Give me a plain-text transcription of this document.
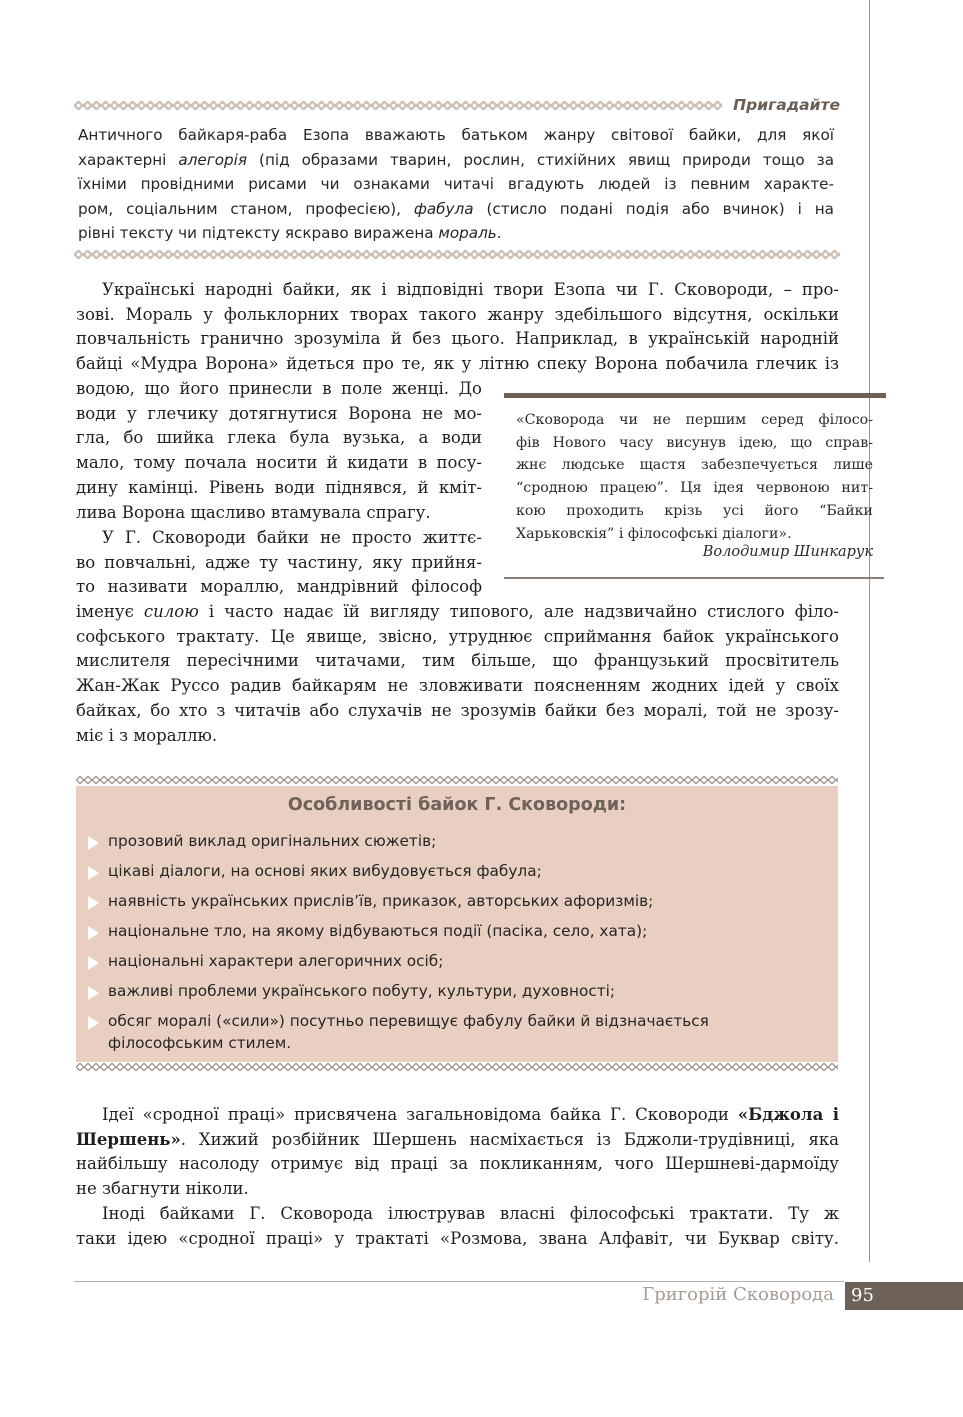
Пригадайте
Античного байкаря-раба Езопа вважають батьком жанру світової байки, для якої
характерні алегорія (під образами тварин, рослин, стихійних явищ природи тощо за
їхніми провідними рисами чи ознаками читачі вгадують людей із певним характе-
ром, соціальним станом, професією), фабула (стисло подані подія або вчинок) і на
рівні тексту чи підтексту яскраво виражена мораль.
Українські народні байки, як і відповідні твори Езопа чи Г. Сковороди, – про-
зові. Мораль у фольклорних творах такого жанру здебільшого відсутня, оскільки
повчальність гранично зрозуміла й без цього. Наприклад, в українській народній
байці «Мудра Ворона» йдеться про те, як у літню спеку Ворона побачила глечик із
водою, що його принесли в поле женці. До
води у глечику дотягнутися Ворона не мо-
гла, бо шийка глека була вузька, а води
мало, тому почала носити й кидати в посу-
дину камінці. Рівень води піднявся, й кміт-
лива Ворона щасливо втамувала спрагу.
У Г. Сковороди байки не просто життє-
во повчальні, адже ту частину, яку прийня-
то називати мораллю, мандрівний філософ
іменує силою і часто надає їй вигляду типового, але надзвичайно стислого філо-
софського трактату. Це явище, звісно, утруднює сприймання байок українського
мислителя пересічними читачами, тим більше, що французький просвітитель
Жан-Жак Руссо радив байкарям не зловживати поясненням жодних ідей у своїх
байках, бо хто з читачів або слухачів не зрозумів байки без моралі, той не зрозу-
міє і з мораллю.
«Сковорода чи не першим серед філосо-
фів Нового часу висунув ідею, що справ-
жнє людське щастя забезпечується лише
“сродною працею”. Ця ідея червоною нит-
кою проходить крізь усі його “Байки
Харьковскія” і філософські діалоги».
Володимир Шинкарук
Особливості байок Г. Сковороди:
прозовий виклад оригінальних сюжетів;
цікаві діалоги, на основі яких вибудовується фабула;
наявність українських прислів’їв, приказок, авторських афоризмів;
національне тло, на якому відбуваються події (пасіка, село, хата);
національні характери алегоричних осіб;
важливі проблеми українського побуту, культури, духовності;
обсяг моралі («сили») посутньо перевищує фабулу байки й відзначається
філософським стилем.
Ідеї «сродної праці» присвячена загальновідома байка Г. Сковороди «Бджола і
Шершень». Хижий розбійник Шершень насміхається із Бджоли-трудівниці, яка
найбільшу насолоду отримує від праці за покликанням, чого Шершневі-дармоїду
не збагнути ніколи.
Іноді байками Г. Сковорода ілюстрував власні філософські трактати. Ту ж
таки ідею «сродної праці» у трактаті «Розмова, звана Алфавіт, чи Буквар світу.
Григорій Сковорода 95
